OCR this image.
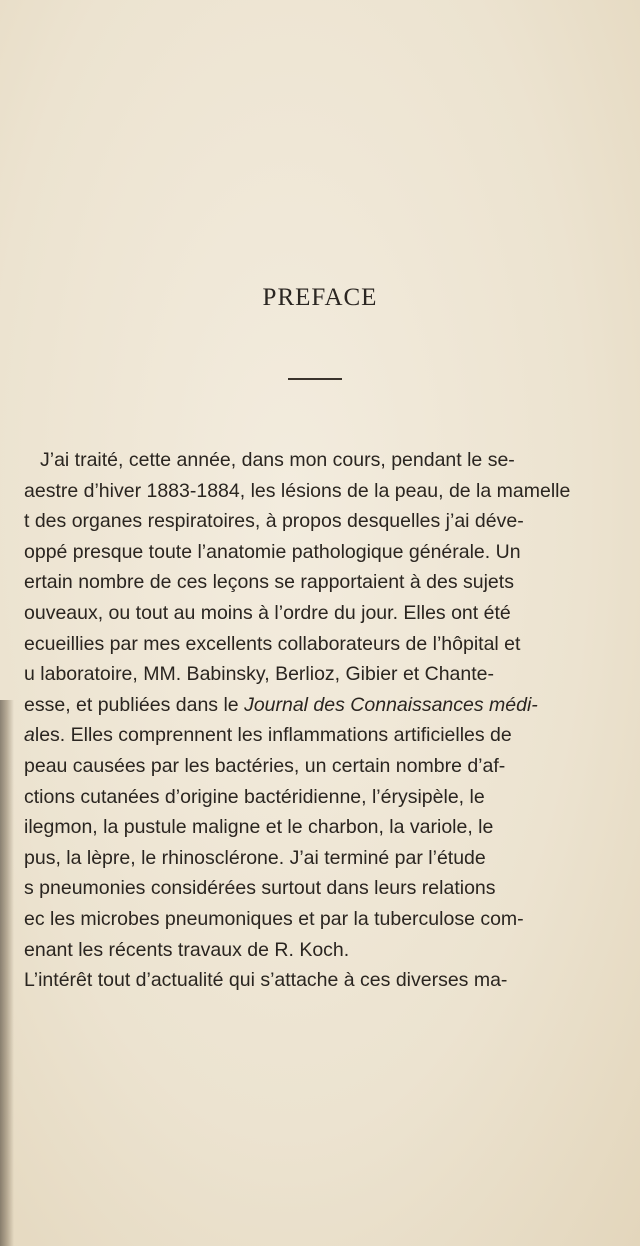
PREFACE
J’ai traité, cette année, dans mon cours, pendant le se-
aestre d’hiver 1883-1884, les lésions de la peau, de la mamelle
t des organes respiratoires, à propos desquelles j’ai déve-
oppé presque toute l’anatomie pathologique générale. Un
ertain nombre de ces leçons se rapportaient à des sujets
ouveaux, ou tout au moins à l’ordre du jour. Elles ont été
ecueillies par mes excellents collaborateurs de l’hôpital et
u laboratoire, MM. Babinsky, Berlioz, Gibier et Chante-
esse, et publiées dans le Journal des Connaissances médi-
ales. Elles comprennent les inflammations artificielles de
peau causées par les bactéries, un certain nombre d’af-
ctions cutanées d’origine bactéridienne, l’érysipèle, le
ilegmon, la pustule maligne et le charbon, la variole, le
pus, la lèpre, le rhinosclérone. J’ai terminé par l’étude
s pneumonies considérées surtout dans leurs relations
ec les microbes pneumoniques et par la tuberculose com-
enant les récents travaux de R. Koch.
L’intérêt tout d’actualité qui s’attache à ces diverses ma-
